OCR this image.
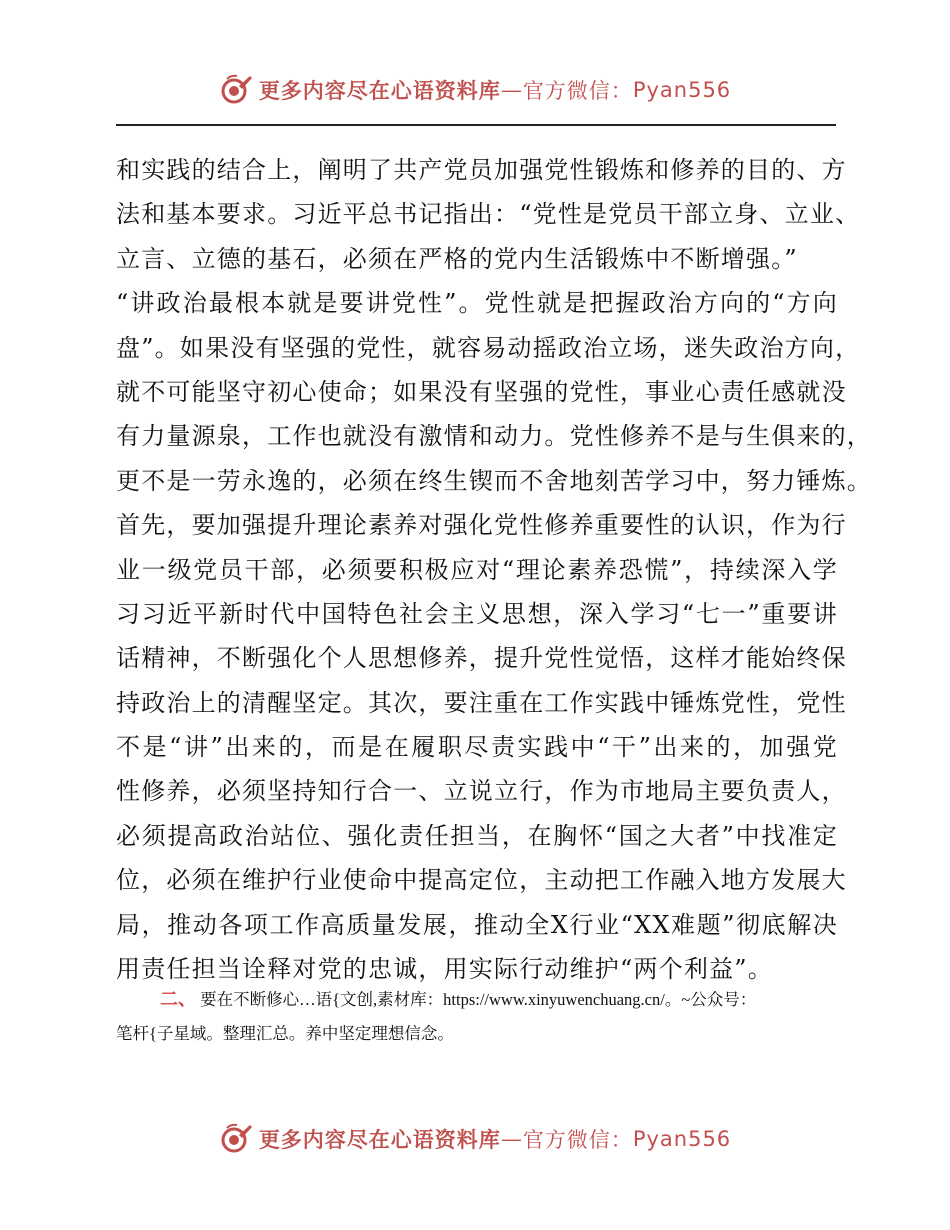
更多内容尽在心语资料库 — 官方微信： Pyan556
和实践的结合上，阐明了共产党员加强党性锻炼和修养的目的、方
法和基本要求。习近平总书记指出：“党性是党员干部立身、立业、
立言、立德的基石，必须在严格的党内生活锻炼中不断增强。”
“讲政治最根本就是要讲党性”。党性就是把握政治方向的“方向
盘”。如果没有坚强的党性，就容易动摇政治立场，迷失政治方向，
就不可能坚守初心使命；如果没有坚强的党性，事业心责任感就没
有力量源泉，工作也就没有激情和动力。党性修养不是与生俱来的，
更不是一劳永逸的，必须在终生锲而不舍地刻苦学习中，努力锤炼。
首先，要加强提升理论素养对强化党性修养重要性的认识，作为行
业一级党员干部，必须要积极应对“理论素养恐慌”，持续深入学
习习近平新时代中国特色社会主义思想，深入学习“七一”重要讲
话精神，不断强化个人思想修养，提升党性觉悟，这样才能始终保
持政治上的清醒坚定。其次，要注重在工作实践中锤炼党性，党性
不是“讲”出来的，而是在履职尽责实践中“干”出来的，加强党
性修养，必须坚持知行合一、立说立行，作为市地局主要负责人，
必须提高政治站位、强化责任担当，在胸怀“国之大者”中找准定
位，必须在维护行业使命中提高定位，主动把工作融入地方发展大
局，推动各项工作高质量发展，推动全X行业“XX难题”彻底解决
用责任担当诠释对党的忠诚，用实际行动维护“两个利益”。
二、 要在不断修心…语{文创,素材库：https://www.xinyuwenchuang.cn/。~公众号：
笔杆{子星域。整理汇总。养中坚定理想信念。
更多内容尽在心语资料库 — 官方微信： Pyan556
